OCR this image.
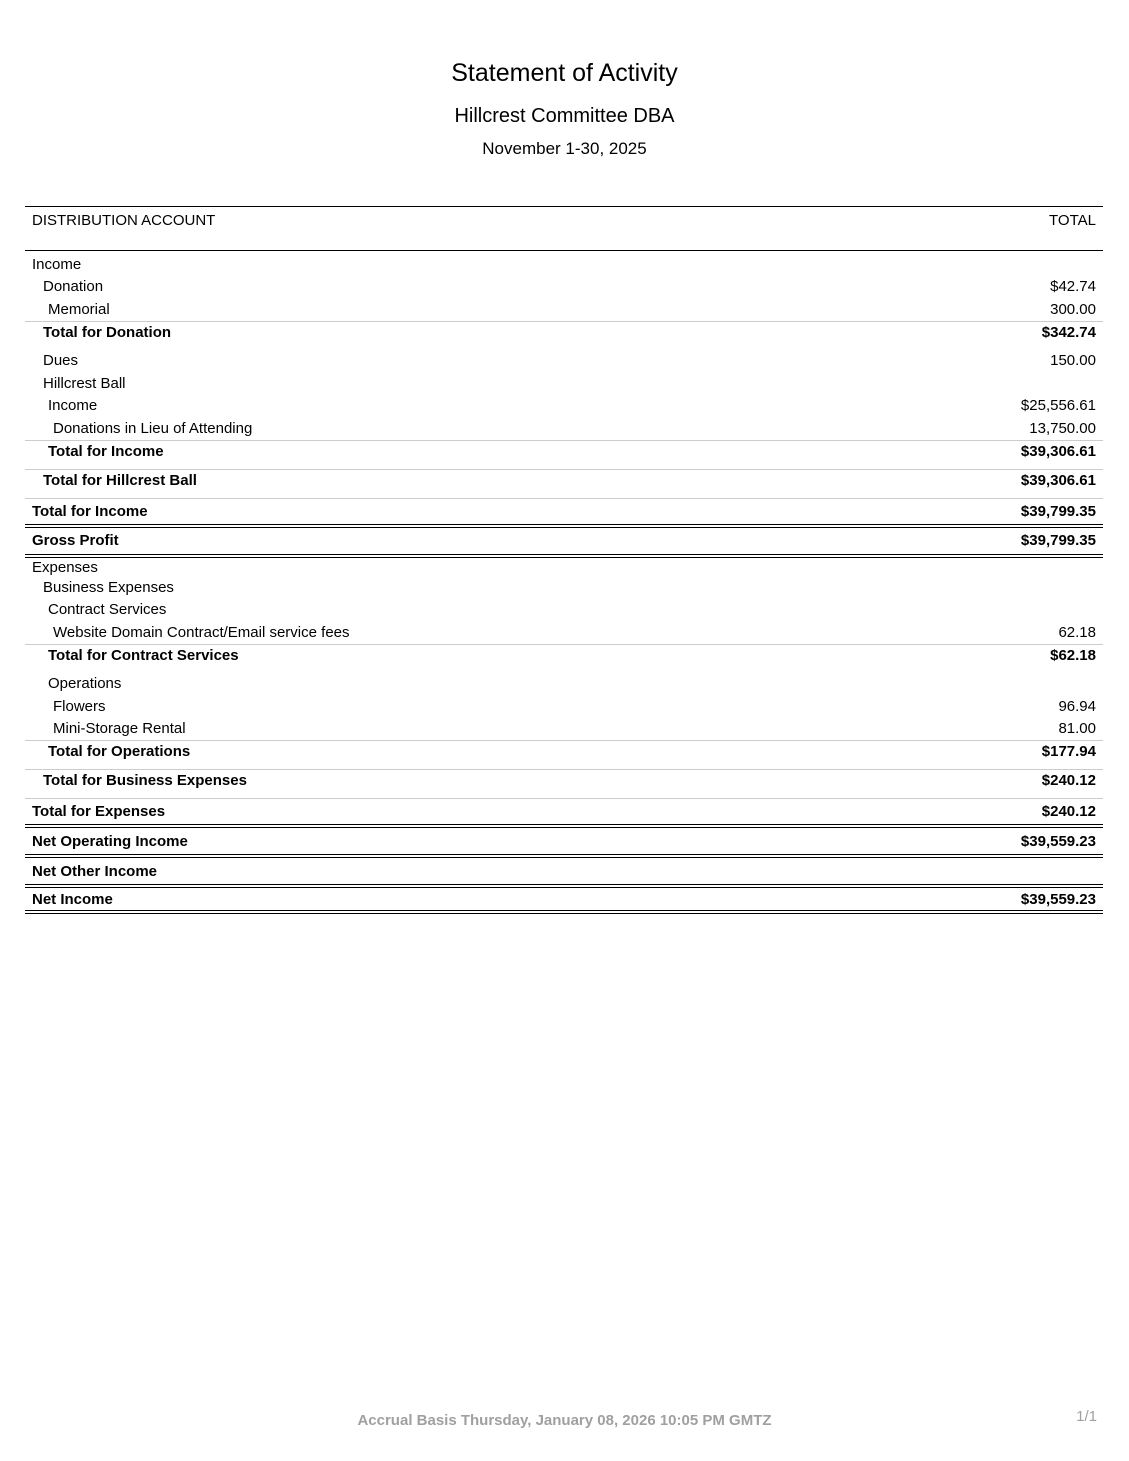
Statement of Activity
Hillcrest Committee DBA
November 1-30, 2025
DISTRIBUTION ACCOUNT	TOTAL
Income
Donation	$42.74
Memorial	300.00
Total for Donation	$342.74
Dues	150.00
Hillcrest Ball
Income	$25,556.61
Donations in Lieu of Attending	13,750.00
Total for Income	$39,306.61
Total for Hillcrest Ball	$39,306.61
Total for Income	$39,799.35
Gross Profit	$39,799.35
Expenses
Business Expenses
Contract Services
Website Domain Contract/Email service fees	62.18
Total for Contract Services	$62.18
Operations
Flowers	96.94
Mini-Storage Rental	81.00
Total for Operations	$177.94
Total for Business Expenses	$240.12
Total for Expenses	$240.12
Net Operating Income	$39,559.23
Net Other Income
Net Income	$39,559.23
Accrual Basis Thursday, January 08, 2026 10:05 PM GMTZ	1/1
